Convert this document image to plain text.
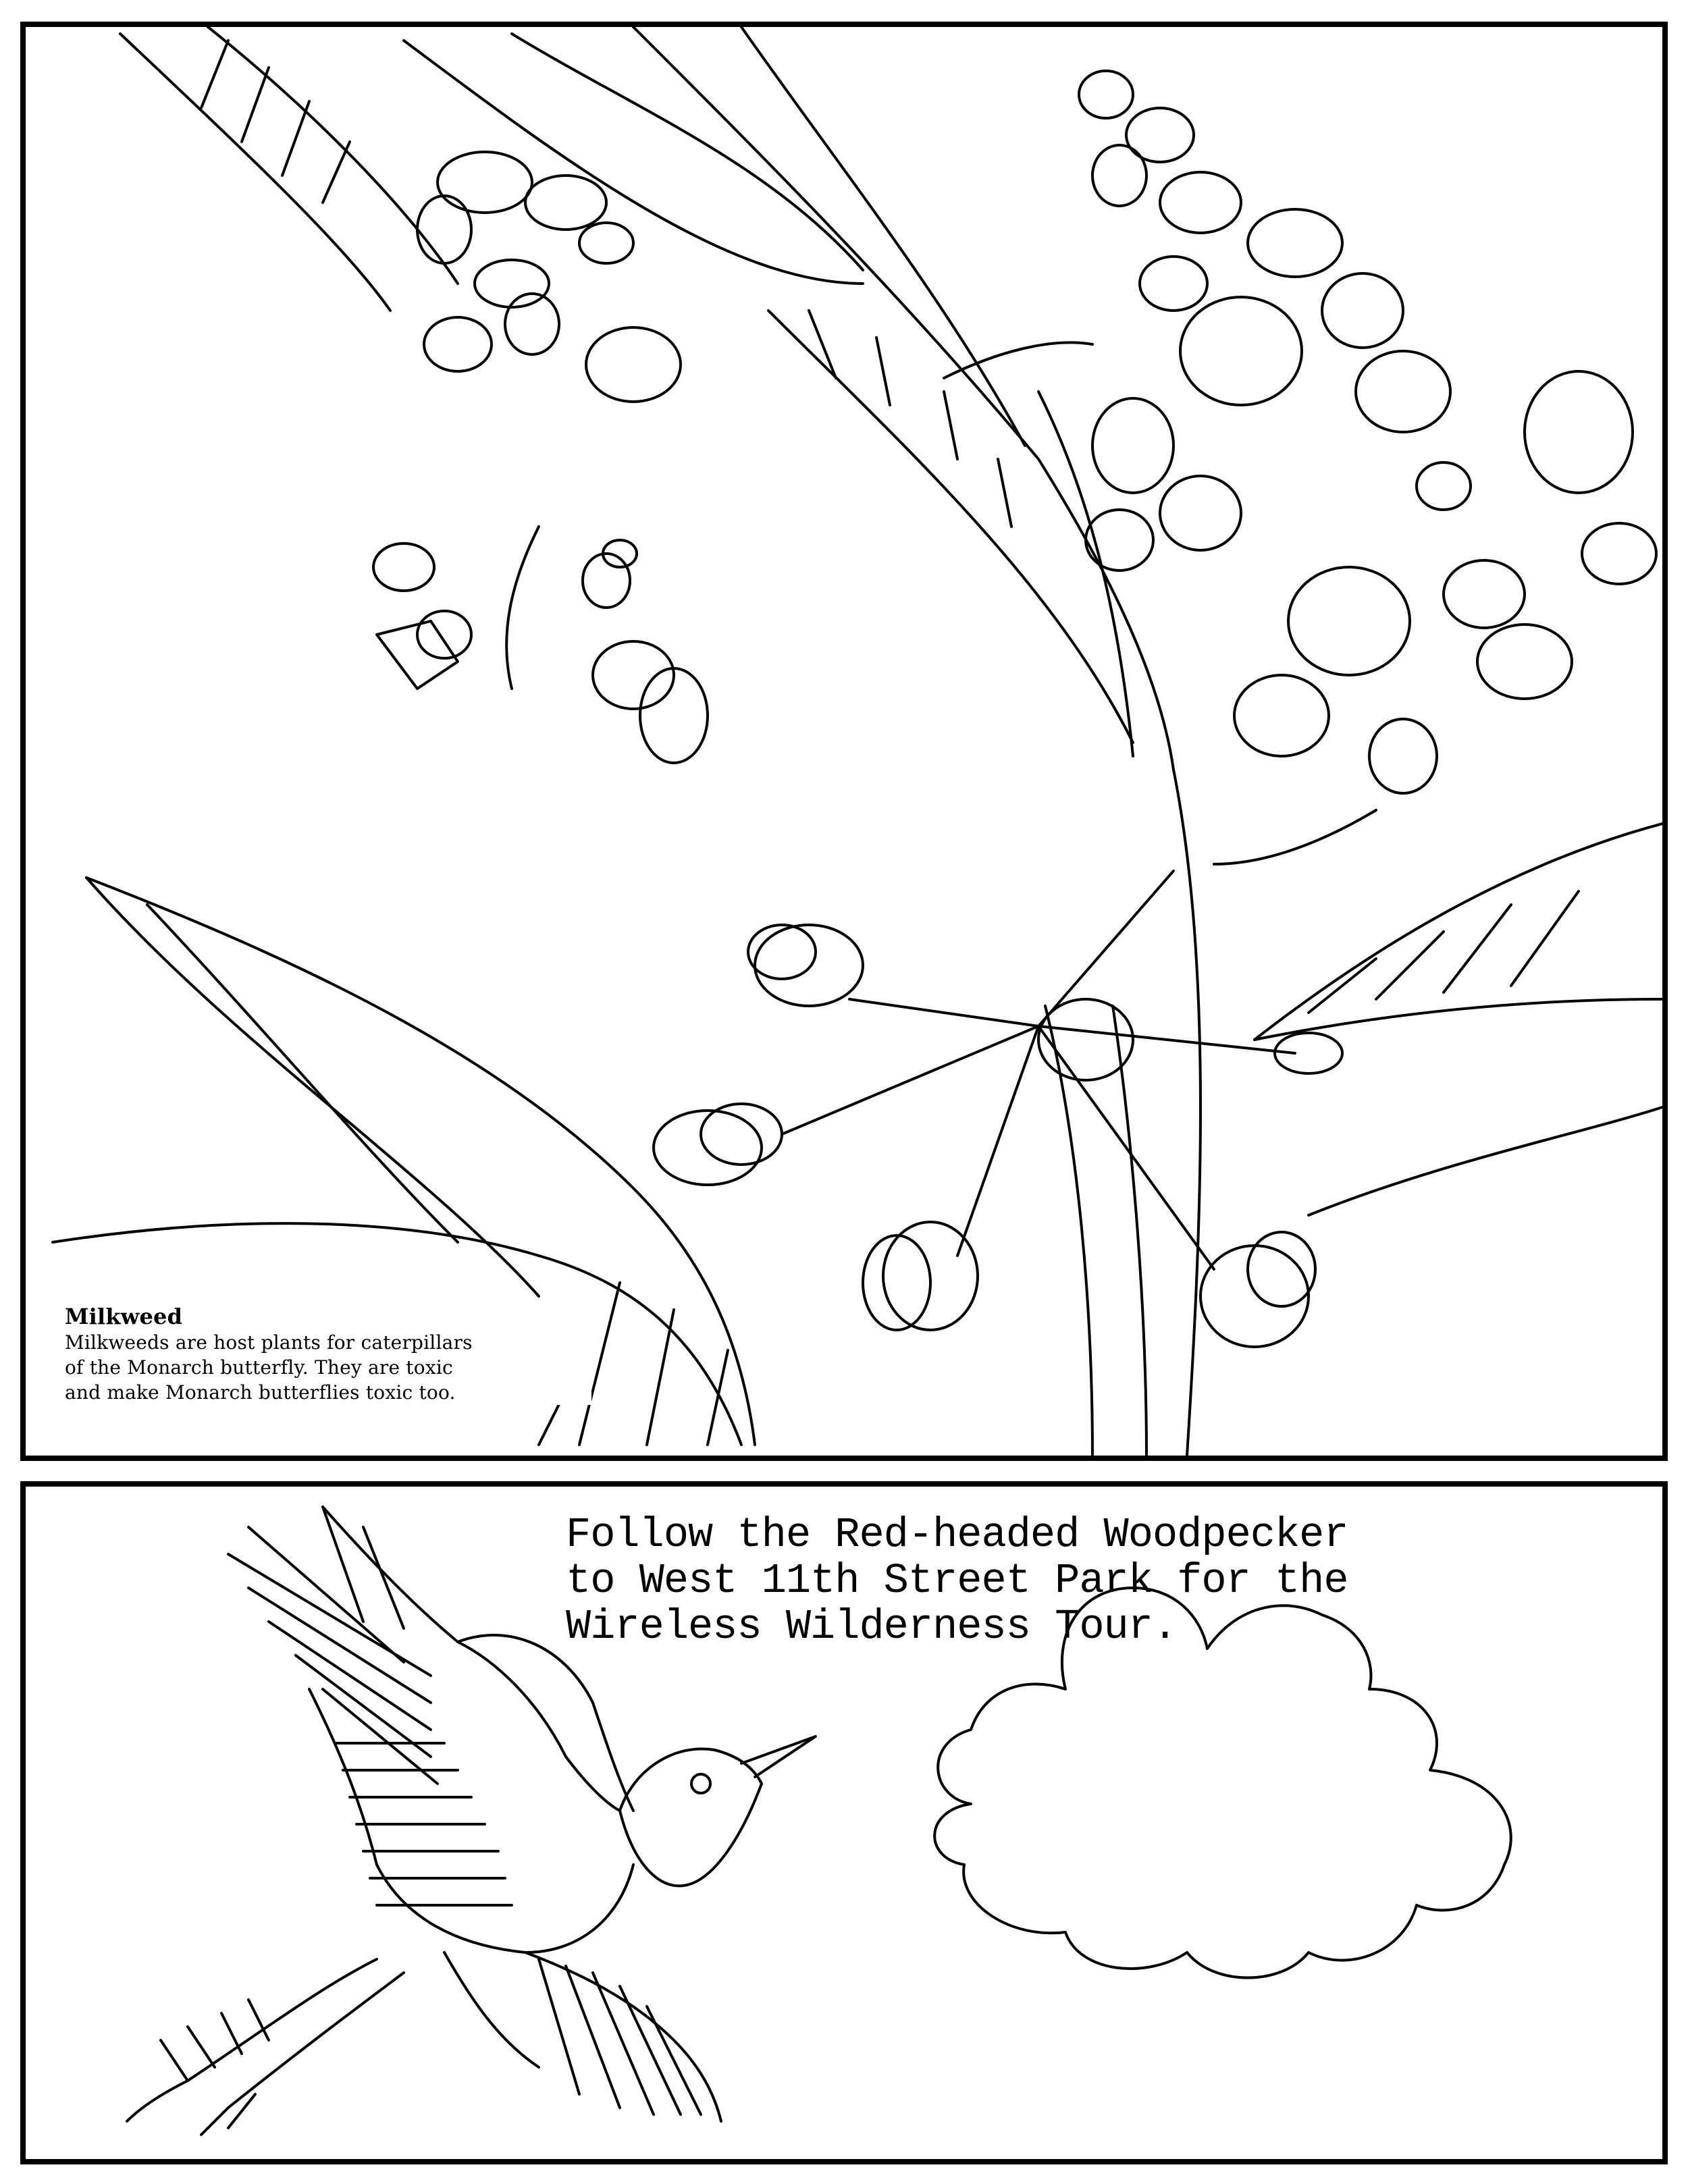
Milkweed
Milkweeds are host plants for caterpillars
of the Monarch butterfly. They are toxic
and make Monarch butterflies toxic too.
Follow the Red-headed Woodpecker
to West 11th Street Park for the
Wireless Wilderness Tour.
